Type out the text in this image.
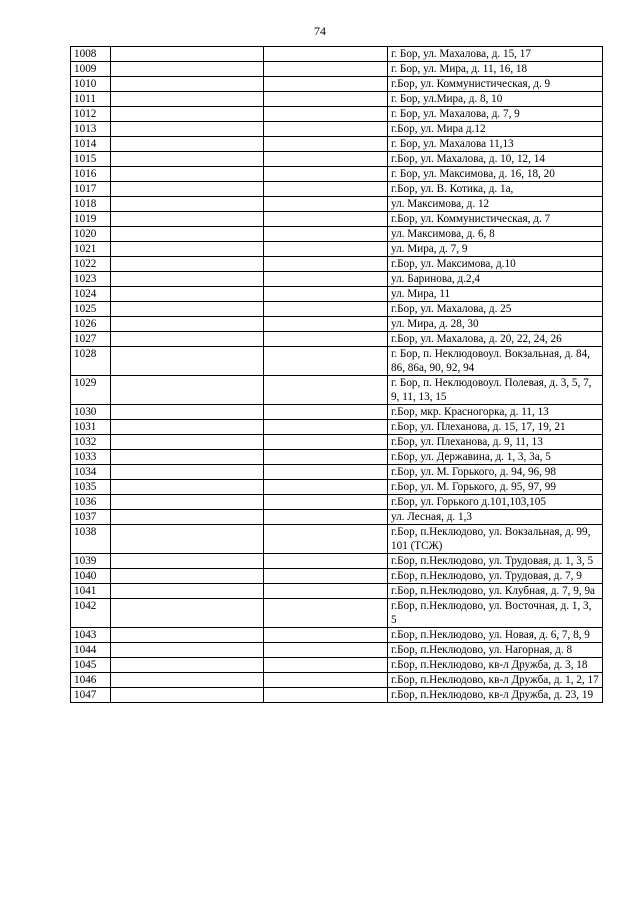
74
1008			г. Бор, ул. Махалова, д. 15, 17
1009			г. Бор, ул. Мира, д. 11, 16, 18
1010			г.Бор, ул. Коммунистическая, д. 9
1011			г. Бор, ул.Мира, д. 8, 10
1012			г. Бор, ул. Махалова, д. 7, 9
1013			г.Бор, ул. Мира д.12
1014			г. Бор, ул. Махалова 11,13
1015			г.Бор, ул. Махалова, д. 10, 12, 14
1016			г. Бор, ул. Максимова, д. 16, 18, 20
1017			г.Бор, ул. В. Котика, д. 1а,
1018			ул. Максимова, д. 12
1019			г.Бор, ул. Коммунистическая, д. 7
1020			ул. Максимова, д. 6, 8
1021			ул. Мира, д. 7, 9
1022			г.Бор, ул. Максимова, д.10
1023			ул. Баринова, д.2,4
1024			ул. Мира, 11
1025			г.Бор, ул. Махалова, д. 25
1026			ул. Мира, д. 28, 30
1027			г.Бор, ул. Махалова, д. 20, 22, 24, 26
1028			г. Бор, п. Неклюдовоул. Вокзальная, д. 84, 86, 86а, 90, 92, 94
1029			г. Бор, п. Неклюдовоул. Полевая, д. 3, 5, 7, 9, 11, 13, 15
1030			г.Бор, мкр. Красногорка, д. 11, 13
1031			г.Бор, ул. Плеханова, д. 15, 17, 19, 21
1032			г.Бор, ул. Плеханова, д. 9, 11, 13
1033			г.Бор, ул. Державина, д. 1, 3, 3а, 5
1034			г.Бор, ул. М. Горького, д. 94, 96, 98
1035			г.Бор, ул. М. Горького, д. 95, 97, 99
1036			г.Бор, ул. Горького д.101,103,105
1037			ул. Лесная, д. 1,3
1038			г.Бор, п.Неклюдово, ул. Вокзальная, д. 99, 101 (ТСЖ)
1039			г.Бор, п.Неклюдово, ул. Трудовая, д. 1, 3, 5
1040			г.Бор, п.Неклюдово, ул. Трудовая, д. 7, 9
1041			г.Бор, п.Неклюдово, ул. Клубная, д. 7, 9, 9а
1042			г.Бор, п.Неклюдово, ул. Восточная, д. 1, 3, 5
1043			г.Бор, п.Неклюдово, ул. Новая, д. 6, 7, 8, 9
1044			г.Бор, п.Неклюдово, ул. Нагорная, д. 8
1045			г.Бор, п.Неклюдово, кв-л Дружба, д. 3, 18
1046			г.Бор, п.Неклюдово, кв-л Дружба, д. 1, 2, 17
1047			г.Бор, п.Неклюдово, кв-л Дружба, д. 23, 19
